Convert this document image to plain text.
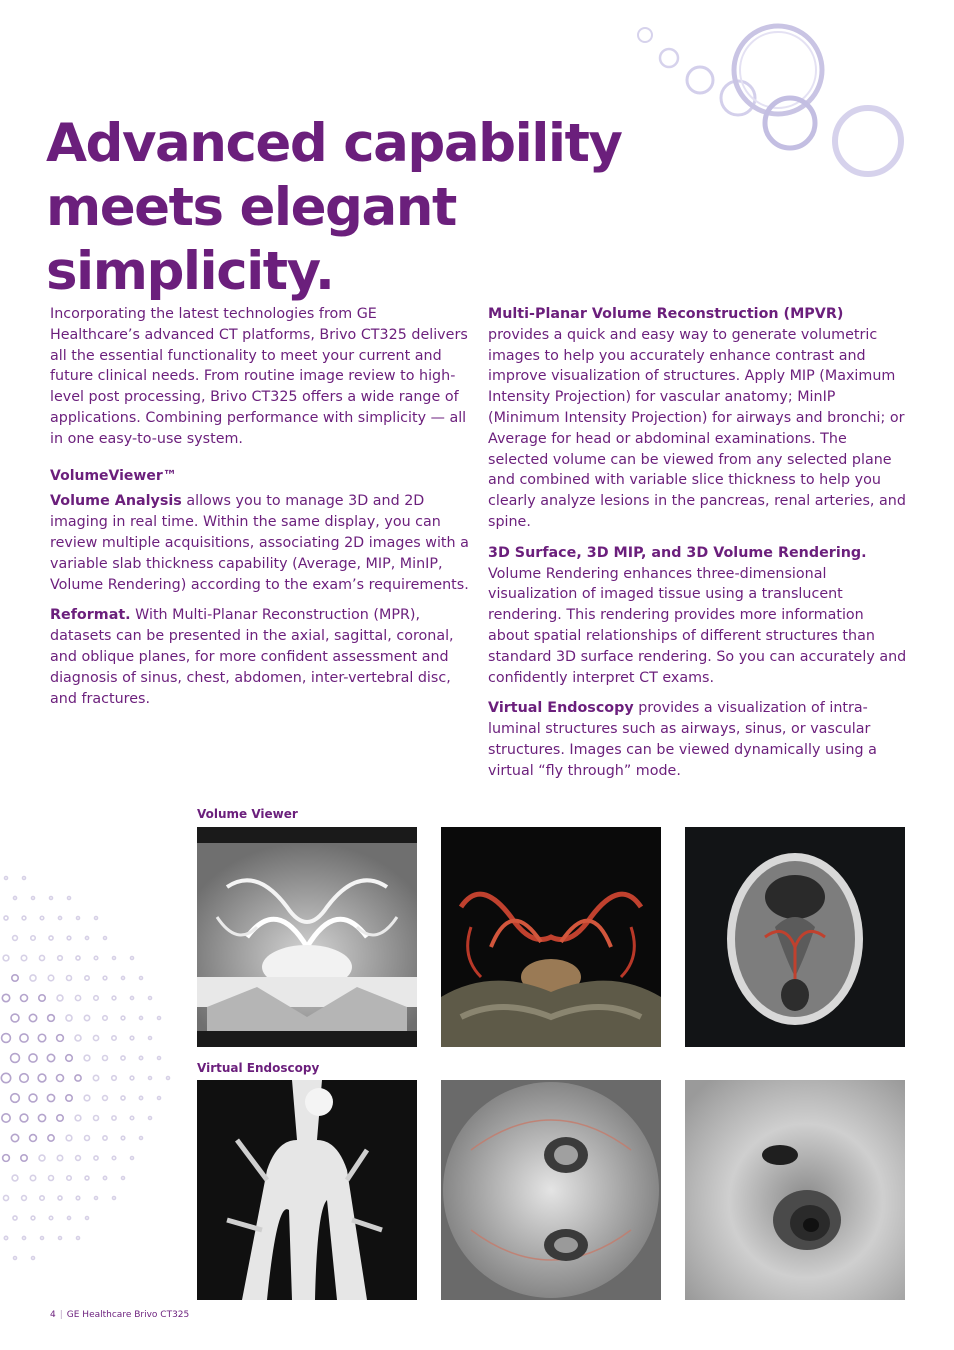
Advanced capability
meets elegant simplicity.

Incorporating the latest technologies from GE Healthcare’s advanced CT platforms, Brivo CT325 delivers all the essential functionality to meet your current and future clinical needs. From routine image review to high-level post processing, Brivo CT325 offers a wide range of applications. Combining performance with simplicity — all in one easy-to-use system.

VolumeViewer™

Volume Analysis allows you to manage 3D and 2D imaging in real time. Within the same display, you can review multiple acquisitions, associating 2D images with a variable slab thickness capability (Average, MIP, MinIP, Volume Rendering) according to the exam’s requirements.

Reformat. With Multi-Planar Reconstruction (MPR), datasets can be presented in the axial, sagittal, coronal, and oblique planes, for more confident assessment and diagnosis of sinus, chest, abdomen, inter-vertebral disc, and fractures.

Multi-Planar Volume Reconstruction (MPVR) provides a quick and easy way to generate volumetric images to help you accurately enhance contrast and improve visualization of structures. Apply MIP (Maximum Intensity Projection) for vascular anatomy; MinIP (Minimum Intensity Projection) for airways and bronchi; or Average for head or abdominal examinations. The selected volume can be viewed from any selected plane and combined with variable slice thickness to help you clearly analyze lesions in the pancreas, renal arteries, and spine.

3D Surface, 3D MIP, and 3D Volume Rendering. Volume Rendering enhances three-dimensional visualization of imaged tissue using a translucent rendering. This rendering provides more information about spatial relationships of different structures than standard 3D surface rendering. So you can accurately and confidently interpret CT exams.

Virtual Endoscopy provides a visualization of intra-luminal structures such as airways, sinus, or vascular structures. Images can be viewed dynamically using a virtual “fly through” mode.

Volume Viewer
Virtual Endoscopy
4 | GE Healthcare Brivo CT325
